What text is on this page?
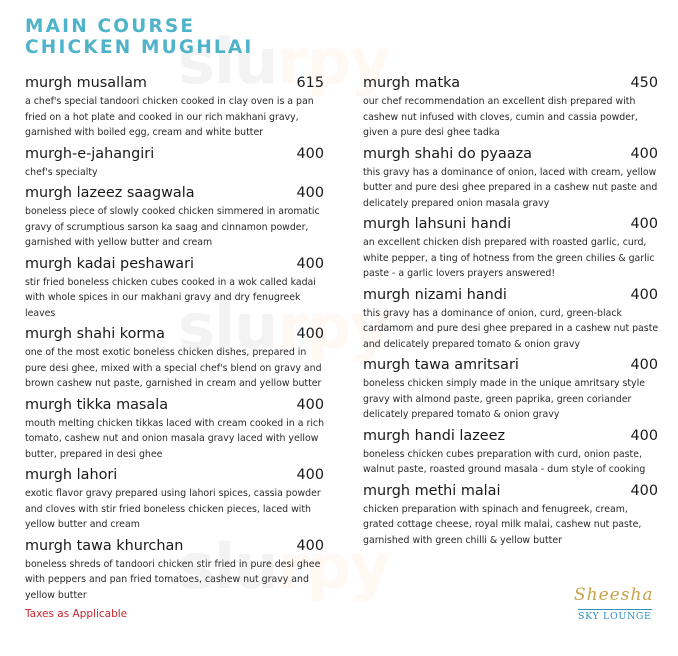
MAIN COURSE
CHICKEN MUGHLAI
murgh musallam	615
a chef's special tandoori chicken cooked in clay oven is a pan fried on a hot plate and cooked in our rich makhani gravy, garnished with boiled egg, cream and white butter
murgh-e-jahangiri	400
chef's specialty
murgh lazeez saagwala	400
boneless piece of slowly cooked chicken simmered in aromatic gravy of scrumptious sarson ka saag and cinnamon powder, garnished with yellow butter and cream
murgh kadai peshawari	400
stir fried boneless chicken cubes cooked in a wok called kadai with whole spices in our makhani gravy and dry fenugreek leaves
murgh shahi korma	400
one of the most exotic boneless chicken dishes, prepared in pure desi ghee, mixed with a special chef's blend on gravy and brown cashew nut paste, garnished in cream and yellow butter
murgh tikka masala	400
mouth melting chicken tikkas laced with cream cooked in a rich tomato, cashew nut and onion masala gravy laced with yellow butter, prepared in desi ghee
murgh lahori	400
exotic flavor gravy prepared using lahori spices, cassia powder and cloves with stir fried boneless chicken pieces, laced with yellow butter and cream
murgh tawa khurchan	400
boneless shreds of tandoori chicken stir fried in pure desi ghee with peppers and pan fried tomatoes, cashew nut gravy and yellow butter
murgh matka	450
our chef recommendation an excellent dish prepared with cashew nut infused with cloves, cumin and cassia powder, given a pure desi ghee tadka
murgh shahi do pyaaza	400
this gravy has a dominance of onion, laced with cream, yellow butter and pure desi ghee prepared in a cashew nut paste and delicately prepared onion masala gravy
murgh lahsuni handi	400
an excellent chicken dish prepared with roasted garlic, curd, white pepper, a ting of hotness from the green chilies & garlic paste - a garlic lovers prayers answered!
murgh nizami handi	400
this gravy has a dominance of onion, curd, green-black cardamom and pure desi ghee prepared in a cashew nut paste and delicately prepared tomato & onion gravy
murgh tawa amritsari	400
boneless chicken simply made in the unique amritsary style gravy with almond paste, green paprika, green coriander delicately prepared tomato & onion gravy
murgh handi lazeez	400
boneless chicken cubes preparation with curd, onion paste, walnut paste, roasted ground masala - dum style of cooking
murgh methi malai	400
chicken preparation with spinach and fenugreek, cream, grated cottage cheese, royal milk malai, cashew nut paste, garnished with green chilli & yellow butter
Taxes as Applicable
Sheesha
SKY LOUNGE
